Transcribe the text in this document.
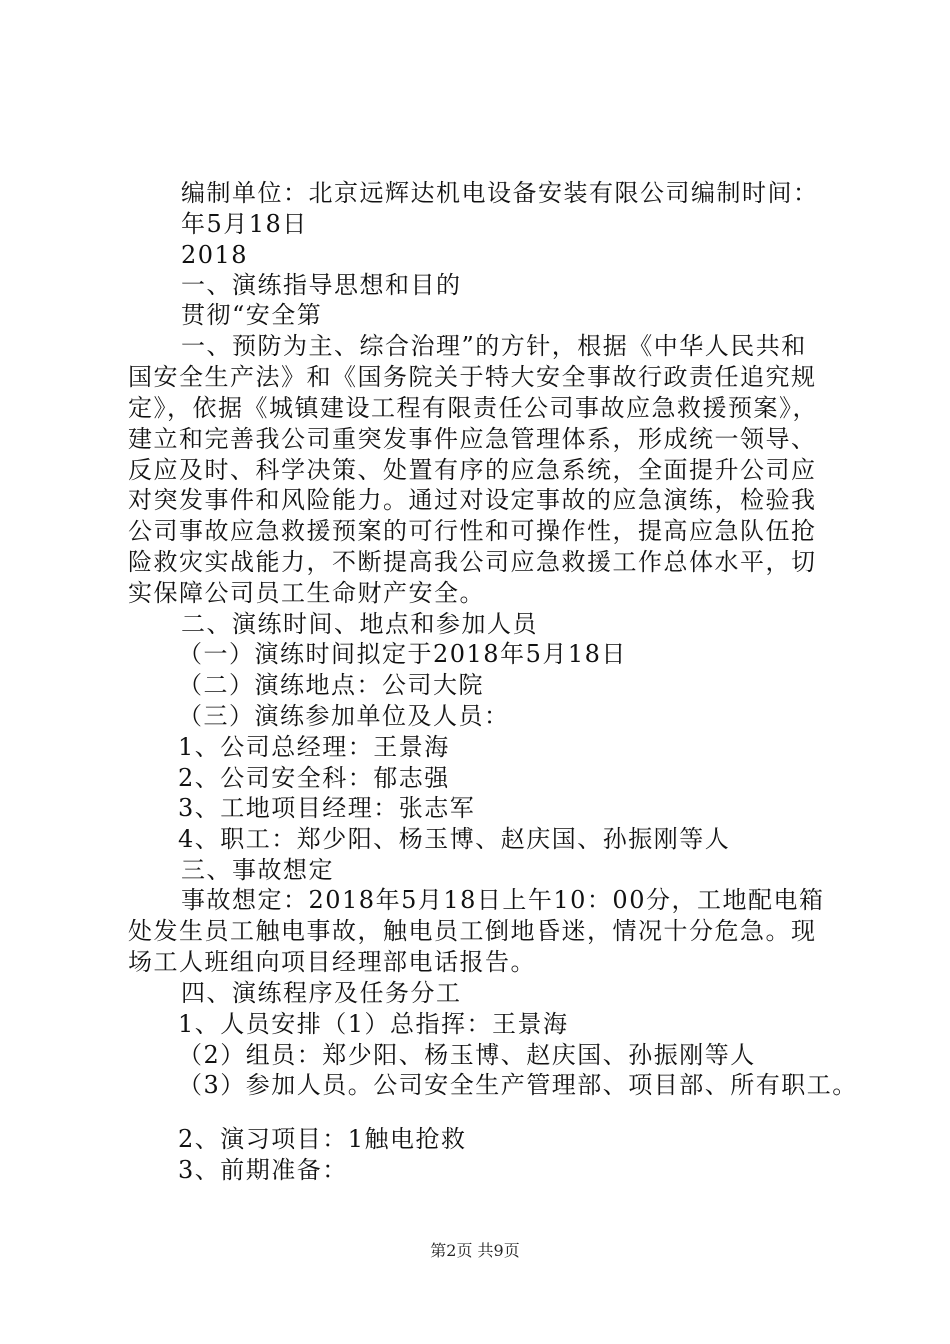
编制单位：北京远辉达机电设备安装有限公司编制时间：
年5月18日
2018
一、演练指导思想和目的
贯彻“安全第
一、预防为主、综合治理”的方针，根据《中华人民共和
国安全生产法》和《国务院关于特大安全事故行政责任追究规
定》，依据《城镇建设工程有限责任公司事故应急救援预案》，
建立和完善我公司重突发事件应急管理体系，形成统一领导、
反应及时、科学决策、处置有序的应急系统，全面提升公司应
对突发事件和风险能力。通过对设定事故的应急演练，检验我
公司事故应急救援预案的可行性和可操作性，提高应急队伍抢
险救灾实战能力，不断提高我公司应急救援工作总体水平，切
实保障公司员工生命财产安全。
二、演练时间、地点和参加人员
（一）演练时间拟定于2018年5月18日
（二）演练地点：公司大院
（三）演练参加单位及人员：
1、公司总经理：王景海
2、公司安全科：郁志强
3、工地项目经理：张志军
4、职工：郑少阳、杨玉博、赵庆国、孙振刚等人
三、事故想定
事故想定：2018年5月18日上午10：00分，工地配电箱
处发生员工触电事故，触电员工倒地昏迷，情况十分危急。现
场工人班组向项目经理部电话报告。
四、演练程序及任务分工
1、人员安排（1）总指挥：王景海
（2）组员：郑少阳、杨玉博、赵庆国、孙振刚等人
（3）参加人员。公司安全生产管理部、项目部、所有职工。
2、演习项目：1触电抢救
3、前期准备：
第2页 共9页
